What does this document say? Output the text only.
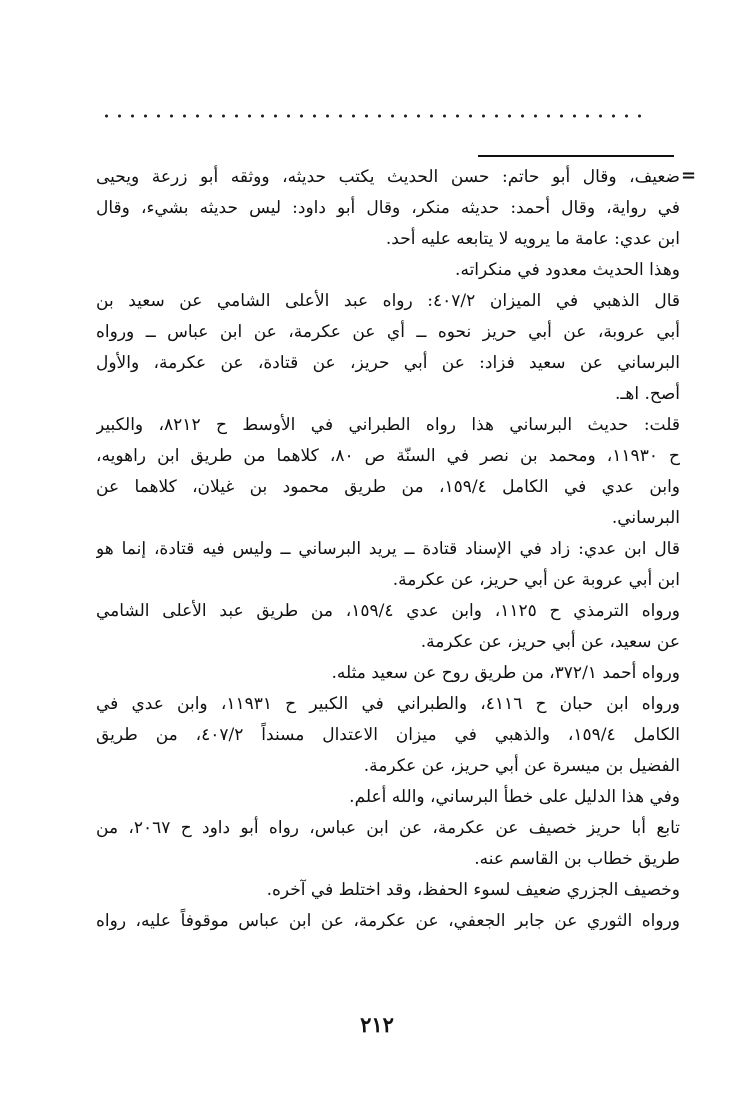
=
ضعيف، وقال أبو حاتم: حسن الحديث يكتب حديثه، ووثقه أبو زرعة ويحيى
في رواية، وقال أحمد: حديثه منكر، وقال أبو داود: ليس حديثه بشيء، وقال
ابن عدي: عامة ما يرويه لا يتابعه عليه أحد.
وهذا الحديث معدود في منكراته.
قال الذهبي في الميزان ٤٠٧/٢: رواه عبد الأعلى الشامي عن سعيد بن
أبي عروبة، عن أبي حريز نحوه ــ أي عن عكرمة، عن ابن عباس ــ ورواه
البرساني عن سعيد فزاد: عن أبي حريز، عن قتادة، عن عكرمة، والأول
أصح. اهـ.
قلت: حديث البرساني هذا رواه الطبراني في الأوسط ح ٨٢١٢، والكبير
ح ١١٩٣٠، ومحمد بن نصر في السنّة ص ٨٠، كلاهما من طريق ابن راهويه،
وابن عدي في الكامل ١٥٩/٤، من طريق محمود بن غيلان، كلاهما عن
البرساني.
قال ابن عدي: زاد في الإسناد قتادة ــ يريد البرساني ــ وليس فيه قتادة، إنما هو
ابن أبي عروبة عن أبي حريز، عن عكرمة.
ورواه الترمذي ح ١١٢٥، وابن عدي ١٥٩/٤، من طريق عبد الأعلى الشامي
عن سعيد، عن أبي حريز، عن عكرمة.
ورواه أحمد ٣٧٢/١، من طريق روح عن سعيد مثله.
ورواه ابن حبان ح ٤١١٦، والطبراني في الكبير ح ١١٩٣١، وابن عدي في
الكامل ١٥٩/٤، والذهبي في ميزان الاعتدال مسنداً ٤٠٧/٢، من طريق
الفضيل بن ميسرة عن أبي حريز، عن عكرمة.
وفي هذا الدليل على خطأ البرساني، والله أعلم.
تابع أبا حريز خصيف عن عكرمة، عن ابن عباس، رواه أبو داود ح ٢٠٦٧، من
طريق خطاب بن القاسم عنه.
وخصيف الجزري ضعيف لسوء الحفظ، وقد اختلط في آخره.
ورواه الثوري عن جابر الجعفي، عن عكرمة، عن ابن عباس موقوفاً عليه، رواه
٢١٢
